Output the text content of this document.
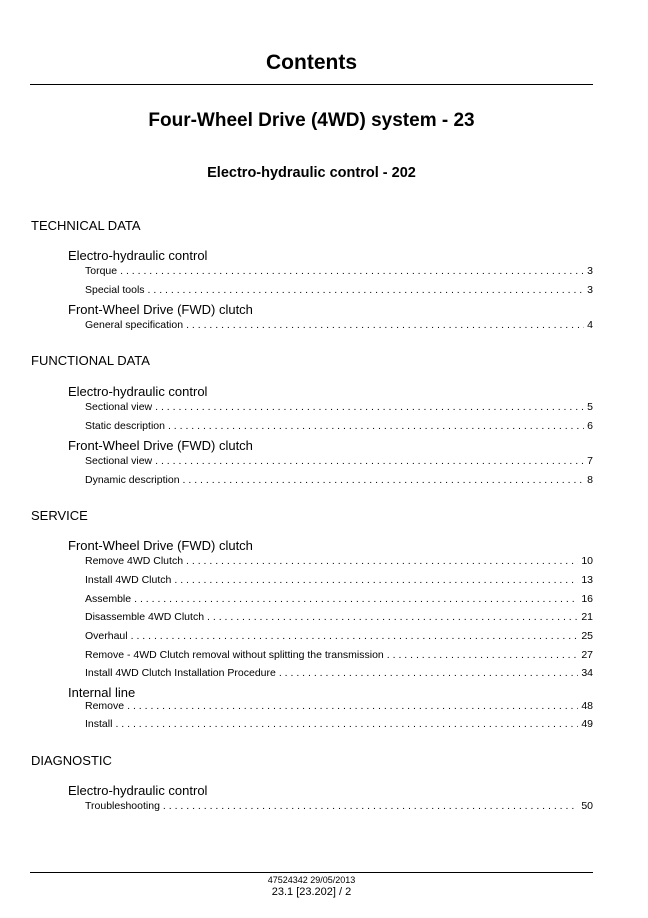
Contents
Four-Wheel Drive (4WD) system - 23
Electro-hydraulic control - 202
TECHNICAL DATA
Electro-hydraulic control
Torque . . .	3
Special tools . . .	3
Front-Wheel Drive (FWD) clutch
General specification . . .	4
FUNCTIONAL DATA
Electro-hydraulic control
Sectional view . . .	5
Static description . . .	6
Front-Wheel Drive (FWD) clutch
Sectional view . . .	7
Dynamic description . . .	8
SERVICE
Front-Wheel Drive (FWD) clutch
Remove 4WD Clutch . . .	10
Install 4WD Clutch . . .	13
Assemble . . .	16
Disassemble 4WD Clutch . . .	21
Overhaul . . .	25
Remove - 4WD Clutch removal without splitting the transmission . . .	27
Install 4WD Clutch Installation Procedure . . .	34
Internal line
Remove . . .	48
Install . . .	49
DIAGNOSTIC
Electro-hydraulic control
Troubleshooting . . .	50
47524342 29/05/2013
23.1 [23.202] / 2
